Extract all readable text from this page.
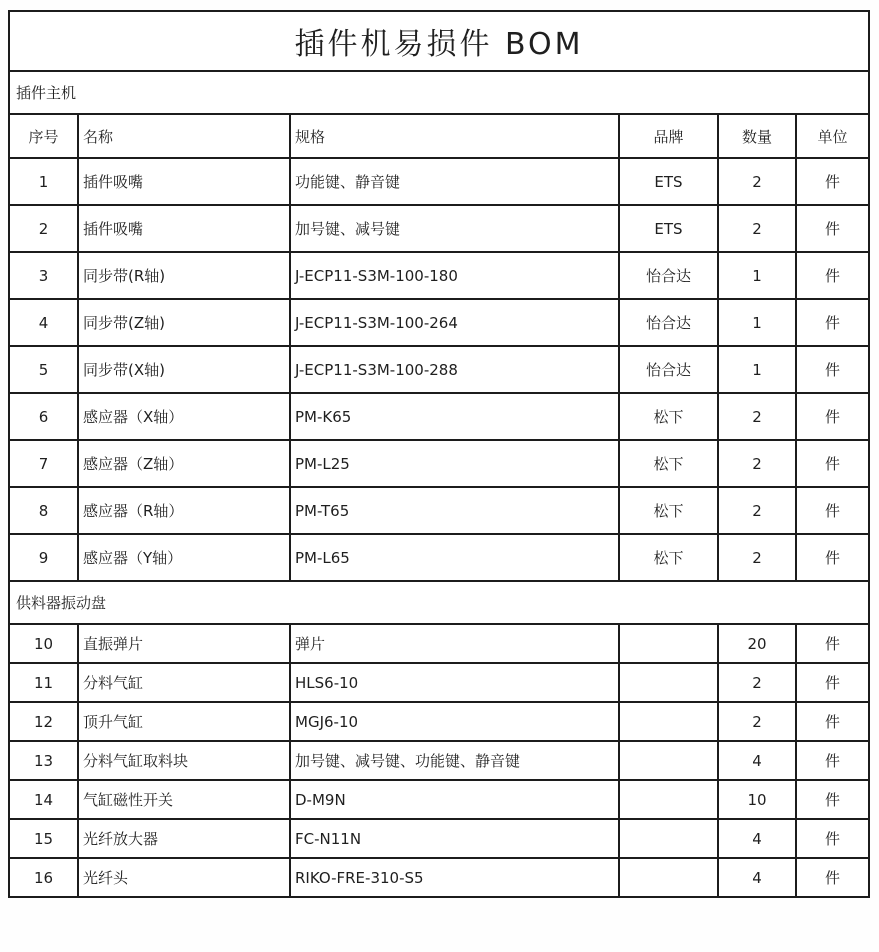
插件机易损件 BOM					
插件主机					
序号	名称	规格	品牌	数量	单位
1	插件吸嘴	功能键、静音键	ETS	2	件
2	插件吸嘴	加号键、减号键	ETS	2	件
3	同步带(R轴)	J-ECP11-S3M-100-180	怡合达	1	件
4	同步带(Z轴)	J-ECP11-S3M-100-264	怡合达	1	件
5	同步带(X轴)	J-ECP11-S3M-100-288	怡合达	1	件
6	感应器（X轴）	PM-K65	松下	2	件
7	感应器（Z轴）	PM-L25	松下	2	件
8	感应器（R轴）	PM-T65	松下	2	件
9	感应器（Y轴）	PM-L65	松下	2	件
供料器振动盘					
10	直振弹片	弹片		20	件
11	分料气缸	HLS6-10		2	件
12	顶升气缸	MGJ6-10		2	件
13	分料气缸取料块	加号键、减号键、功能键、静音键		4	件
14	气缸磁性开关	D-M9N		10	件
15	光纤放大器	FC-N11N		4	件
16	光纤头	RIKO-FRE-310-S5		4	件
